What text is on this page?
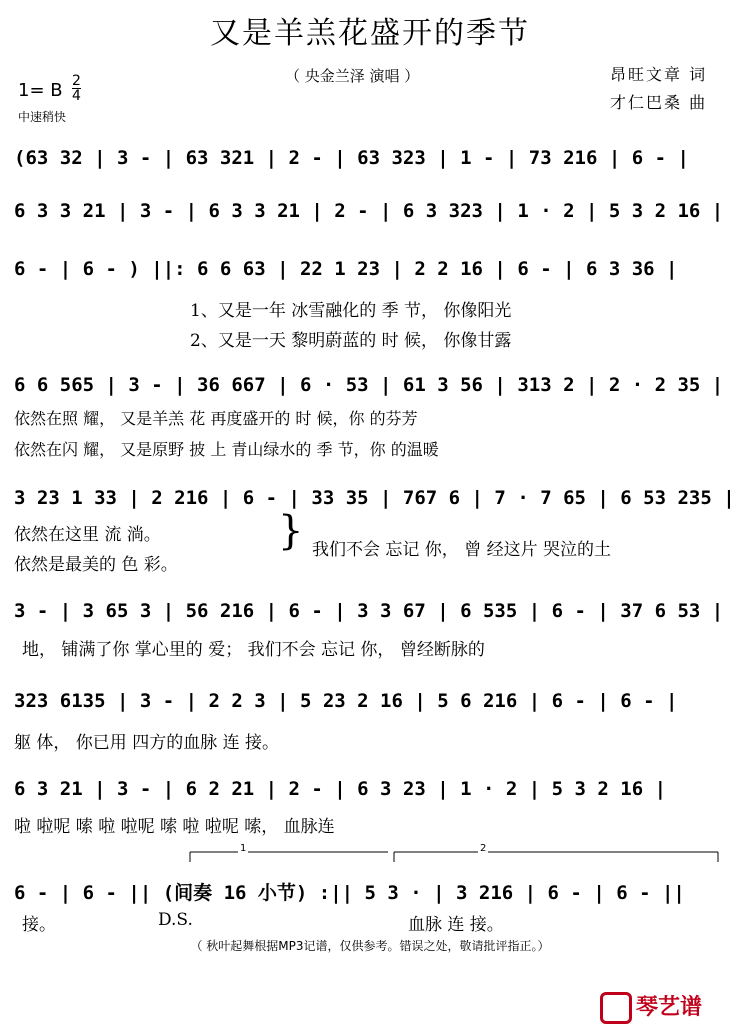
又是羊羔花盛开的季节
（ 央金兰泽 演唱 ）	昂旺文章 词
才仁巴桑 曲
1= B $\frac{2}{4}$
中速稍快
(63 32 | 3 - | 63 321 | 2 - | 63 323 | 1 - | 73 216 | 6 - |
6 3 3 21 | 3 - | 6 3 3 21 | 2 - | 6 3 323 | 1 · 2 | 5 3 2 16 |
6 - | 6 - ) ||: 6 6 63 | 22 1 23 | 2 2 16 | 6 - | 6 3 36 |
1、又是一年 冰雪融化的 季 节， 你像阳光
2、又是一天 黎明蔚蓝的 时 候， 你像甘露
6 6 565 | 3 - | 36 667 | 6 · 53 | 61 3 56 | 313 2 | 2 · 2 35 |
依然在照 耀， 又是羊羔 花 再度盛开的 时 候，你 的芬芳
依然在闪 耀， 又是原野 披 上 青山绿水的 季 节，你 的温暖
3 23 1 33 | 2 216 | 6 - | 33 35 | 767 6 | 7 · 7 65 | 6 53 235 |
依然在这里 流 淌。
依然是最美的 色 彩。
} 我们不会 忘记 你， 曾 经这片 哭泣的土
3 - | 3 65 3 | 56 216 | 6 - | 3 3 67 | 6 535 | 6 - | 37 6 53 |
地， 铺满了你 掌心里的 爱； 我们不会 忘记 你， 曾经断脉的
323 6135 | 3 - | 2 2 3 | 5 23 2 16 | 5 6 216 | 6 - | 6 - |
躯 体， 你已用 四方的血脉 连 接。
6 3 21 | 3 - | 6 2 21 | 2 - | 6 3 23 | 1 · 2 | 5 3 2 16 |
啦 啦呢 嗦 啦 啦呢 嗦 啦 啦呢 嗦， 血脉连
1	2
6 - | 6 - || (间奏 16 小节) :|| 5 3 · | 3 216 | 6 - | 6 - ||
接。	D.S.	血脉 连 接。
（ 秋叶起舞根据MP3记谱，仅供参考。错误之处，敬请批评指正。）
琴艺谱
